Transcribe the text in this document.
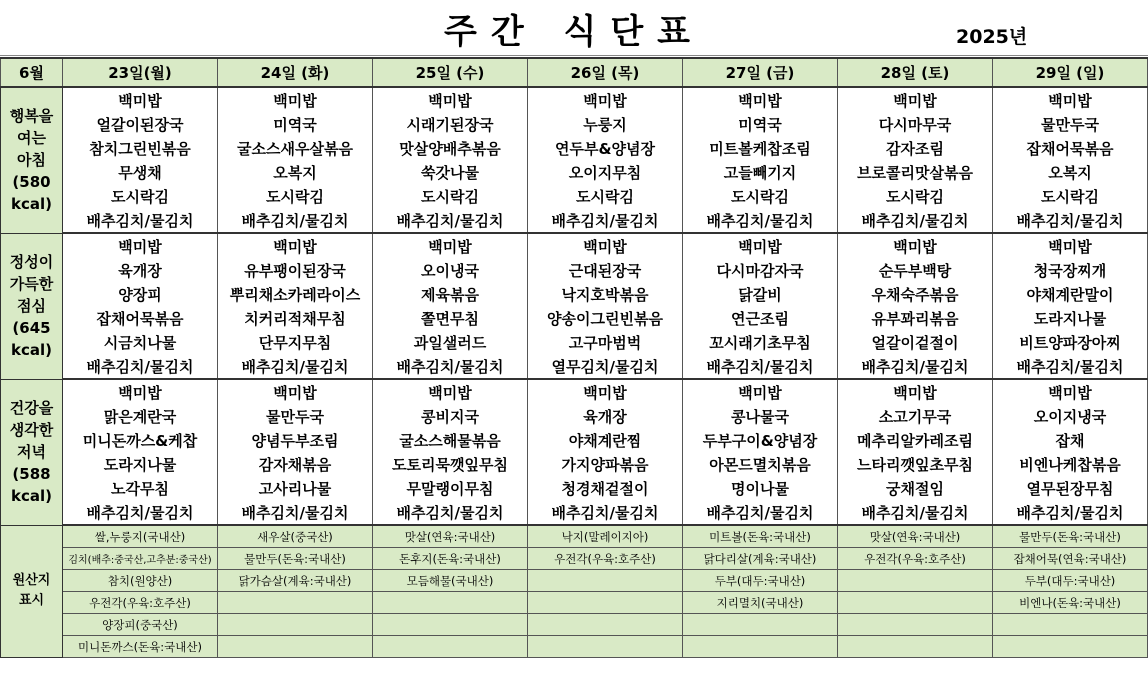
주간 식단표	2025년
6월	23일(월)	24일 (화)	25일 (수)	26일 (목)	27일 (금)	28일 (토)	29일 (일)

행복을
여는
아침
(580
kcal)	백미밥	백미밥	백미밥	백미밥	백미밥	백미밥	백미밥
	얼갈이된장국	미역국	시래기된장국	누룽지	미역국	다시마무국	물만두국
	참치그린빈볶음	굴소스새우살볶음	맛살양배추볶음	연두부&양념장	미트볼케찹조림	감자조림	잡채어묵볶음
	무생채	오복지	쑥갓나물	오이지무침	고들빼기지	브로콜리맛살볶음	오복지
	도시락김	도시락김	도시락김	도시락김	도시락김	도시락김	도시락김
	배추김치/물김치	배추김치/물김치	배추김치/물김치	배추김치/물김치	배추김치/물김치	배추김치/물김치	배추김치/물김치

정성이
가득한
점심
(645
kcal)	백미밥	백미밥	백미밥	백미밥	백미밥	백미밥	백미밥
	육개장	유부팽이된장국	오이냉국	근대된장국	다시마감자국	순두부백탕	청국장찌개
	양장피	뿌리채소카레라이스	제육볶음	낙지호박볶음	닭갈비	우채숙주볶음	야채계란말이
	잡채어묵볶음	치커리적채무침	쫄면무침	양송이그린빈볶음	연근조림	유부꽈리볶음	도라지나물
	시금치나물	단무지무침	과일샐러드	고구마범벅	꼬시래기초무침	얼갈이겉절이	비트양파장아찌
	배추김치/물김치	배추김치/물김치	배추김치/물김치	열무김치/물김치	배추김치/물김치	배추김치/물김치	배추김치/물김치

건강을
생각한
저녁
(588
kcal)	백미밥	백미밥	백미밥	백미밥	백미밥	백미밥	백미밥
	맑은계란국	물만두국	콩비지국	육개장	콩나물국	소고기무국	오이지냉국
	미니돈까스&케찹	양념두부조림	굴소스해물볶음	야채계란찜	두부구이&양념장	메추리알카레조림	잡채
	도라지나물	감자채볶음	도토리묵깻잎무침	가지양파볶음	아몬드멸치볶음	느타리깻잎초무침	비엔나케찹볶음
	노각무침	고사리나물	무말랭이무침	청경채겉절이	명이나물	궁채절임	열무된장무침
	배추김치/물김치	배추김치/물김치	배추김치/물김치	배추김치/물김치	배추김치/물김치	배추김치/물김치	배추김치/물김치

원산지
표시	쌀,누룽지(국내산)	새우살(중국산)	맛살(연육:국내산)	낙지(말레이지아)	미트볼(돈육:국내산)	맛살(연육:국내산)	물만두(돈육:국내산)
	김치(배추:중국산,고추분:중국산)	물만두(돈육:국내산)	돈후지(돈육:국내산)	우전각(우육:호주산)	닭다리살(계육:국내산)	우전각(우육:호주산)	잡채어묵(연육:국내산)
	참치(원양산)	닭가슴살(계육:국내산)	모듬해물(국내산)		두부(대두:국내산)		두부(대두:국내산)
	우전각(우육:호주산)				지리멸치(국내산)		비엔나(돈육:국내산)
	양장피(중국산)						
	미니돈까스(돈육:국내산)						
